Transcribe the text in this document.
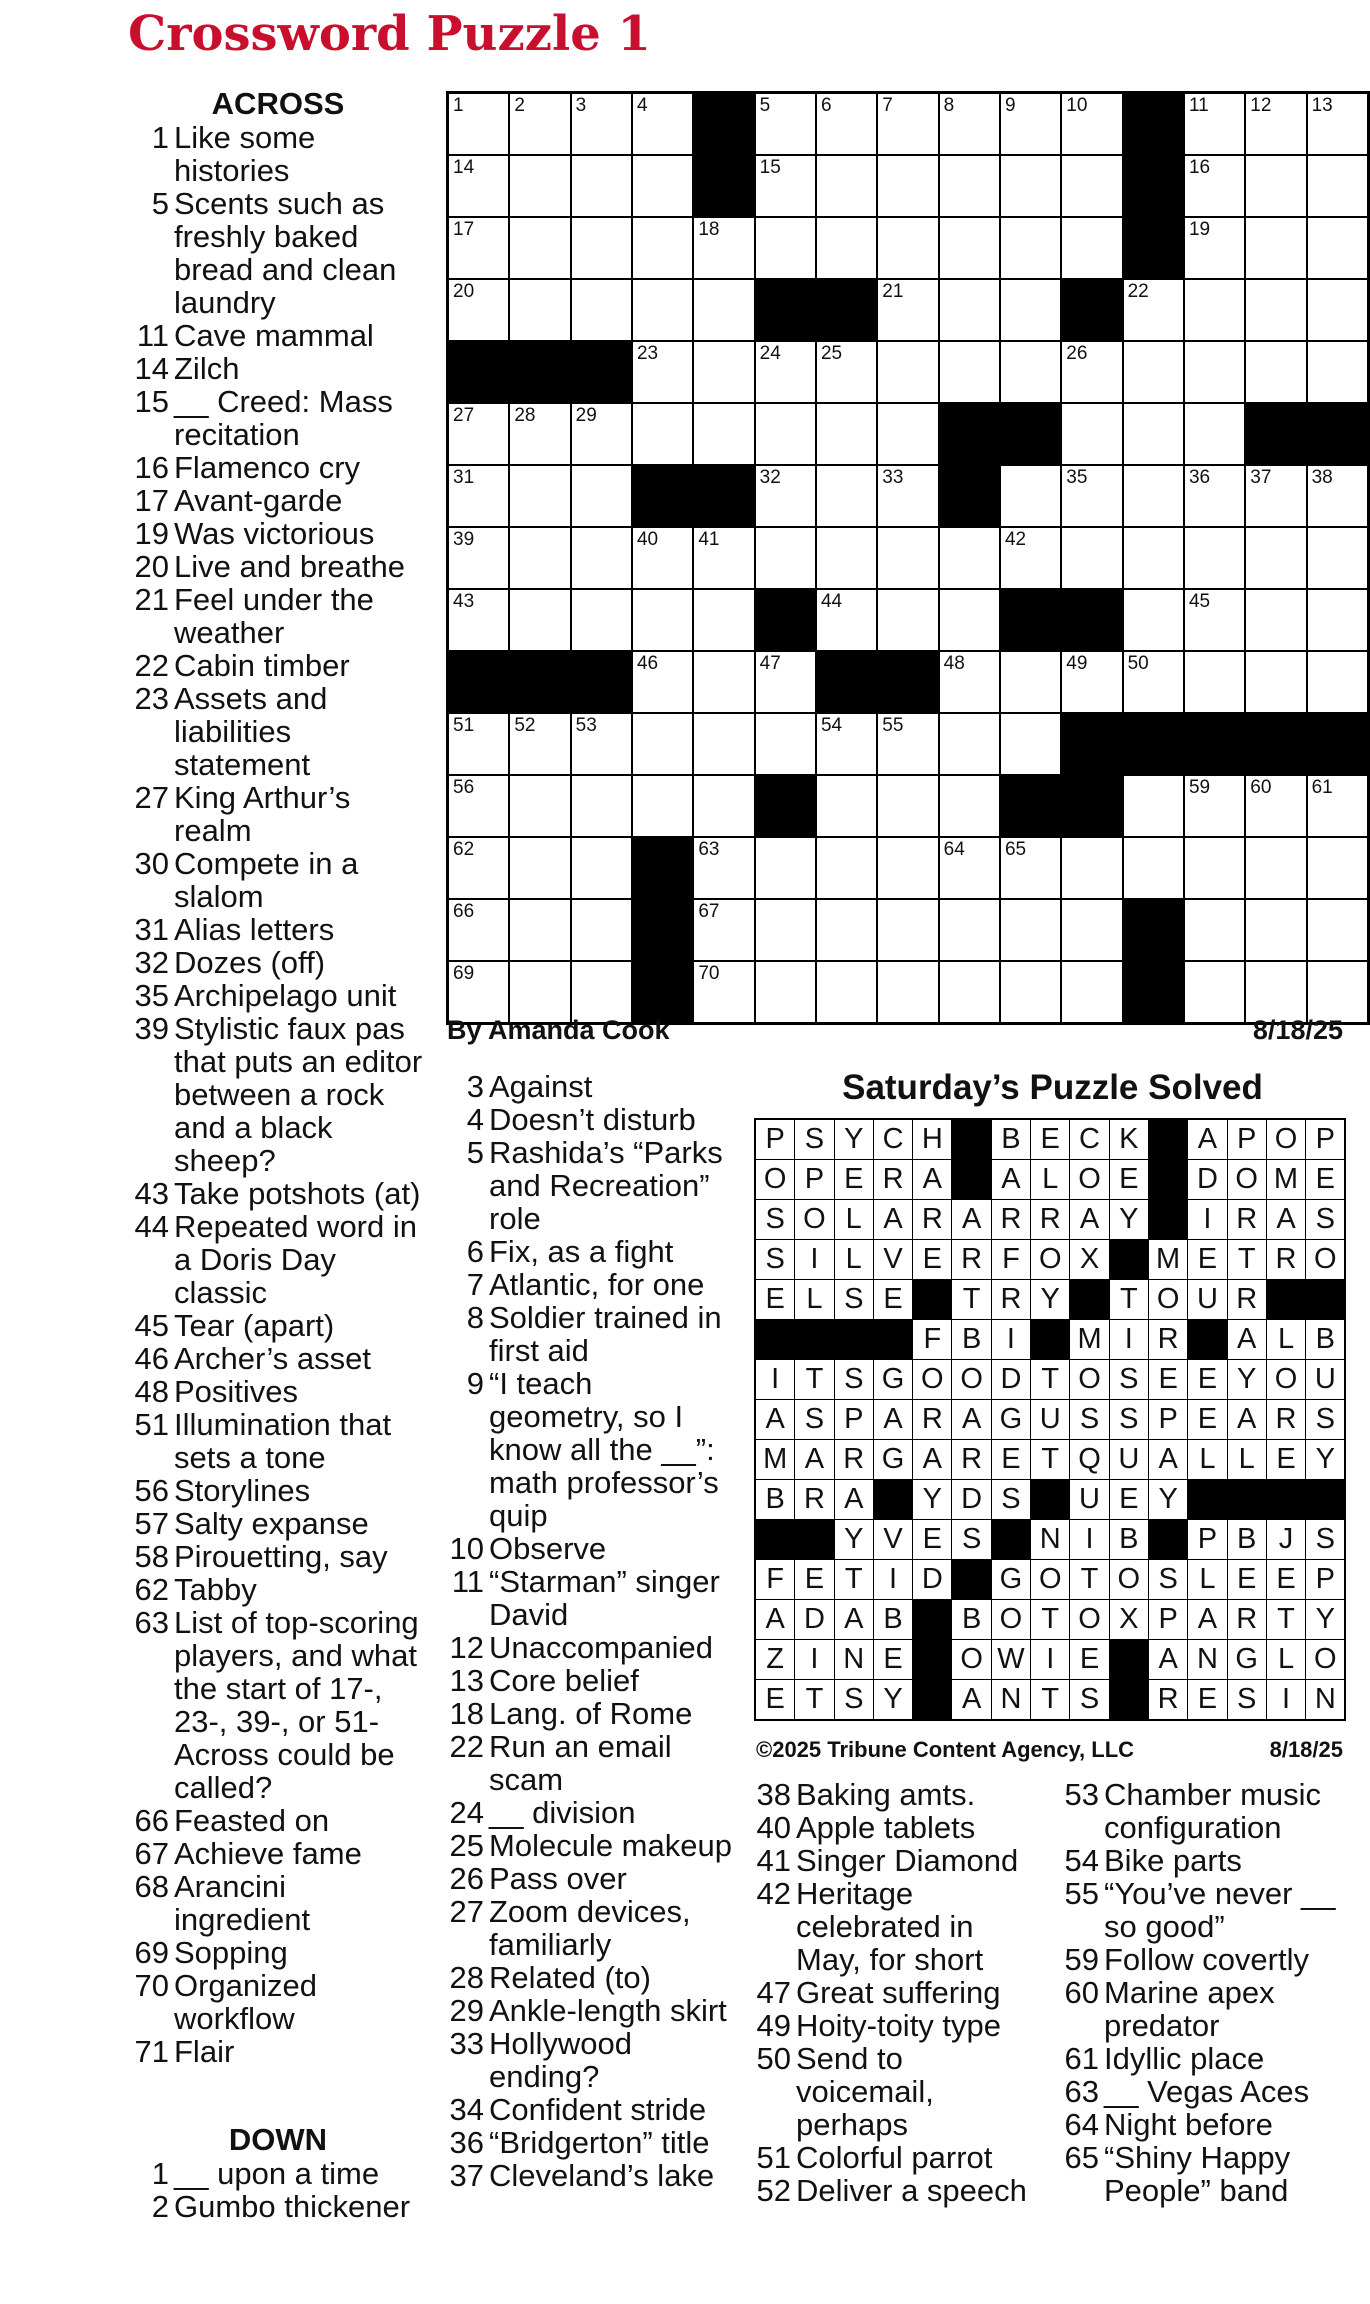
Crossword Puzzle 1
ACROSS
1 Like some histories
5 Scents such as freshly baked bread and clean laundry
11 Cave mammal
14 Zilch
15 __ Creed: Mass recitation
16 Flamenco cry
17 Avant-garde
19 Was victorious
20 Live and breathe
21 Feel under the weather
22 Cabin timber
23 Assets and liabilities statement
27 King Arthur’s realm
30 Compete in a slalom
31 Alias letters
32 Dozes (off)
35 Archipelago unit
39 Stylistic faux pas that puts an editor between a rock and a black sheep?
43 Take potshots (at)
44 Repeated word in a Doris Day classic
45 Tear (apart)
46 Archer’s asset
48 Positives
51 Illumination that sets a tone
56 Storylines
57 Salty expanse
58 Pirouetting, say
62 Tabby
63 List of top-scoring players, and what the start of 17-, 23-, 39-, or 51-Across could be called?
66 Feasted on
67 Achieve fame
68 Arancini ingredient
69 Sopping
70 Organized workflow
71 Flair
1	2	3	4		5	6	7	8	9	10		11	12	13

14					15							16		

17				18								19		

20							21				22			

			23		24	25				26				

27	28	29												

31					32		33			35		36	37	38

39			40	41					42					

43						44						45		

			46		47			48		49	50			

51	52	53				54	55							

56												59	60	61

62				63				64	65					

66				67										

69				70										

By Amanda Cook	8/18/25
3 Against
4 Doesn’t disturb
5 Rashida’s “Parks and Recreation” role
6 Fix, as a fight
7 Atlantic, for one
8 Soldier trained in first aid
9 “I teach geometry, so I know all the __”: math professor’s quip
10 Observe
11 “Starman” singer David
12 Unaccompanied
13 Core belief
18 Lang. of Rome
22 Run an email scam
24 __ division
25 Molecule makeup
26 Pass over
27 Zoom devices, familiarly
28 Related (to)
29 Ankle-length skirt
33 Hollywood ending?
34 Confident stride
36 “Bridgerton” title
37 Cleveland’s lake
Saturday’s Puzzle Solved
P	S	Y	C	H		B	E	C	K		A	P	O	P
O	P	E	R	A		A	L	O	E		D	O	M	E
S	O	L	A	R	A	R	R	A	Y		I	R	A	S
S	I	L	V	E	R	F	O	X		M	E	T	R	O
E	L	S	E		T	R	Y		T	O	U	R		
				F	B	I		M	I	R		A	L	B
I	T	S	G	O	O	D	T	O	S	E	E	Y	O	U
A	S	P	A	R	A	G	U	S	S	P	E	A	R	S
M	A	R	G	A	R	E	T	Q	U	A	L	L	E	Y
B	R	A		Y	D	S		U	E	Y				
		Y	V	E	S		N	I	B		P	B	J	S
F	E	T	I	D		G	O	T	O	S	L	E	E	P
A	D	A	B		B	O	T	O	X	P	A	R	T	Y
Z	I	N	E		O	W	I	E		A	N	G	L	O
E	T	S	Y		A	N	T	S		R	E	S	I	N
©2025 Tribune Content Agency, LLC	8/18/25
DOWN
1 __ upon a time
2 Gumbo thickener
38 Baking amts.
40 Apple tablets
41 Singer Diamond
42 Heritage celebrated in May, for short
47 Great suffering
49 Hoity-toity type
50 Send to voicemail, perhaps
51 Colorful parrot
52 Deliver a speech
53 Chamber music configuration
54 Bike parts
55 “You’ve never __ so good”
59 Follow covertly
60 Marine apex predator
61 Idyllic place
63 __ Vegas Aces
64 Night before
65 “Shiny Happy People” band
